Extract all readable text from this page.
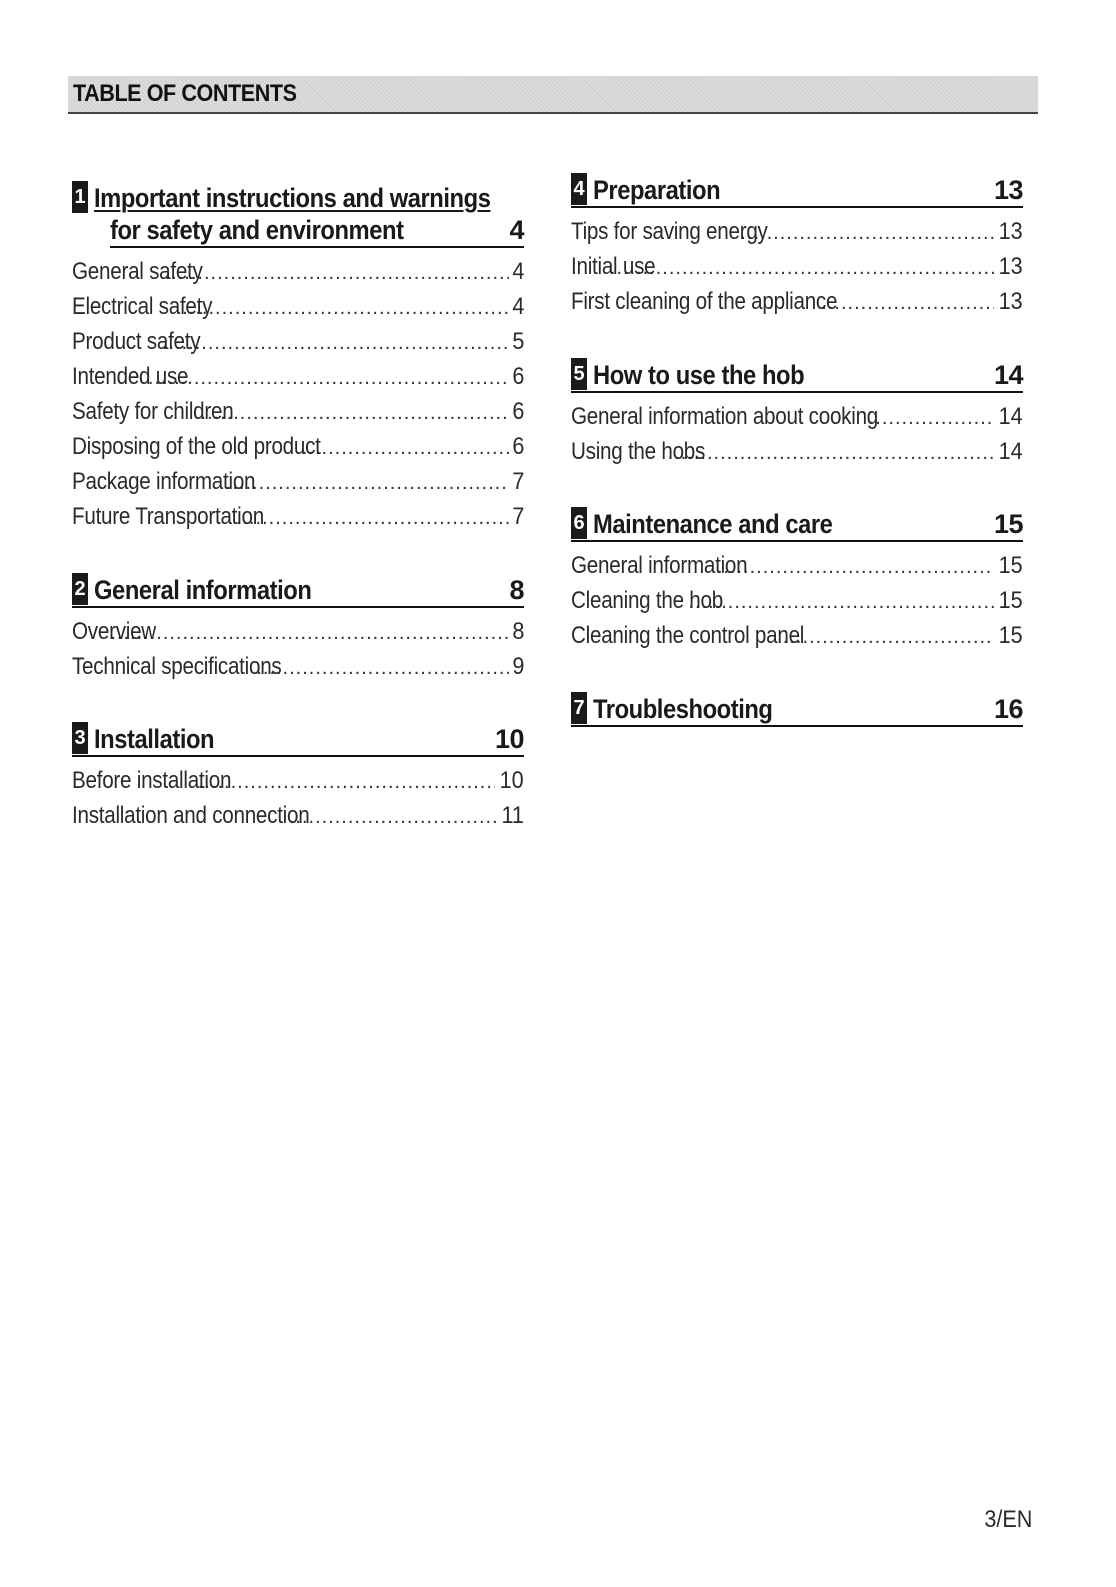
TABLE OF CONTENTS
1 Important instructions and warnings
for safety and environment	4
General safety .....	4
Electrical safety .....	4
Product safety .....	5
Intended use .....	6
Safety for children .....	6
Disposing of the old product .....	6
Package information .....	7
Future Transportation .....	7
2 General information	8
Overview .....	8
Technical specifications .....	9
3 Installation	10
Before installation .....	10
Installation and connection .....	11
4 Preparation	13
Tips for saving energy .....	13
Initial use .....	13
First cleaning of the appliance .....	13
5 How to use the hob	14
General information about cooking .....	14
Using the hobs .....	14
6 Maintenance and care	15
General information .....	15
Cleaning the hob .....	15
Cleaning the control panel .....	15
7 Troubleshooting	16
3/EN
